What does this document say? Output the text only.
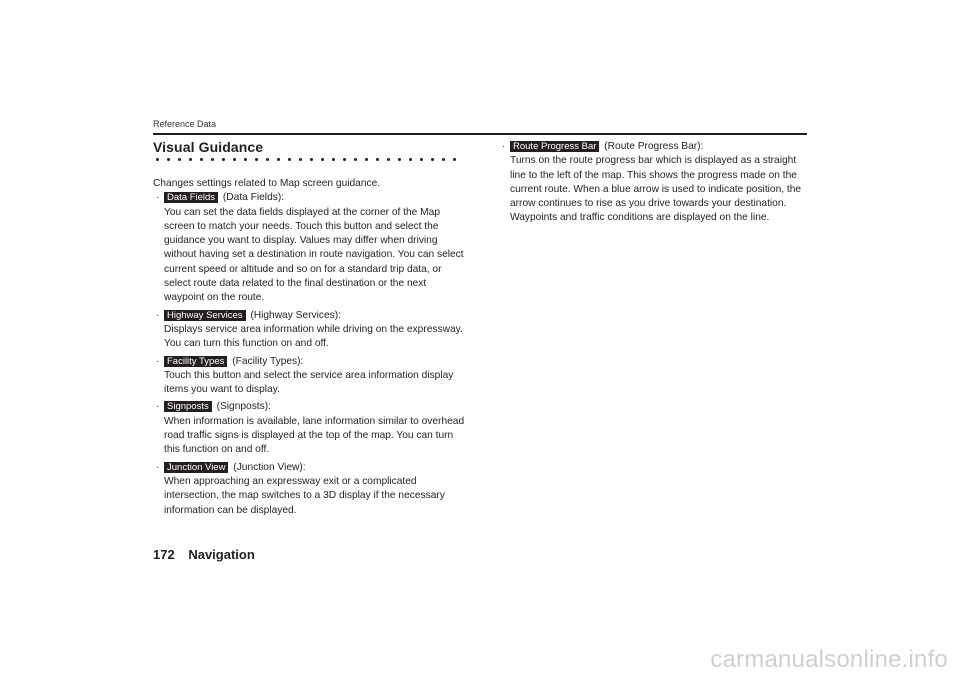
Reference Data
Visual Guidance

Changes settings related to Map screen guidance.

· Data Fields (Data Fields):
You can set the data fields displayed at the corner of the Map screen to match your needs. Touch this button and select the guidance you want to display. Values may differ when driving without having set a destination in route navigation. You can select current speed or altitude and so on for a standard trip data, or select route data related to the final destination or the next waypoint on the route.
· Highway Services (Highway Services):
Displays service area information while driving on the expressway. You can turn this function on and off.
· Facility Types (Facility Types):
Touch this button and select the service area information display items you want to display.
· Signposts (Signposts):
When information is available, lane information similar to overhead road traffic signs is displayed at the top of the map. You can turn this function on and off.
· Junction View (Junction View):
When approaching an expressway exit or a complicated intersection, the map switches to a 3D display if the necessary information can be displayed.
· Route Progress Bar (Route Progress Bar):
Turns on the route progress bar which is displayed as a straight line to the left of the map. This shows the progress made on the current route. When a blue arrow is used to indicate position, the arrow continues to rise as you drive towards your destination. Waypoints and traffic conditions are displayed on the line.
172 Navigation
carmanualsonline.info
